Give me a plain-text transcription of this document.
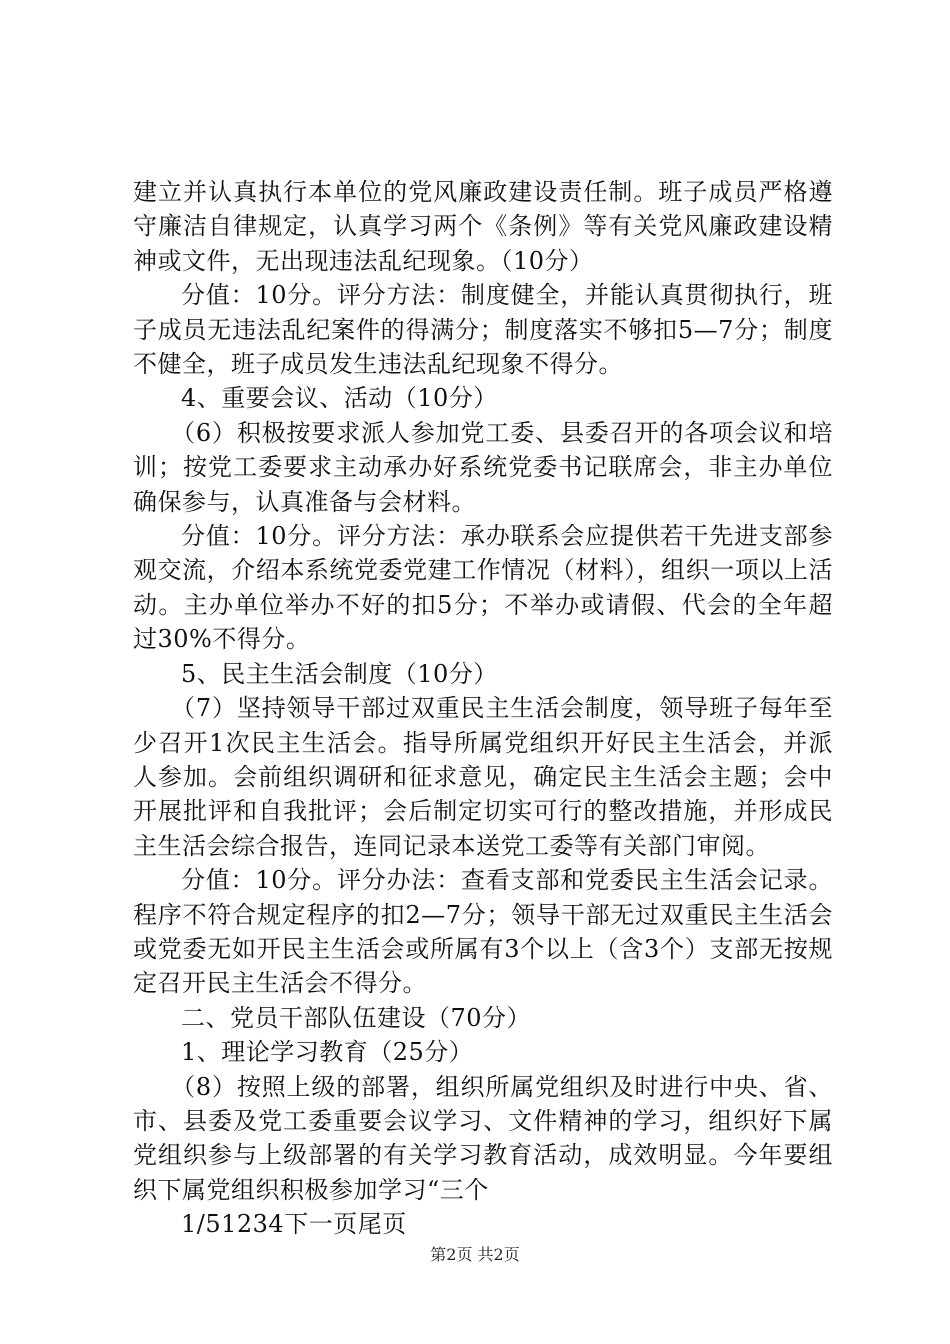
建立并认真执行本单位的党风廉政建设责任制。班子成员严格遵守廉洁自律规定，认真学习两个《条例》等有关党风廉政建设精神或文件，无出现违法乱纪现象。（10分）

分值：10分。评分方法：制度健全，并能认真贯彻执行，班子成员无违法乱纪案件的得满分；制度落实不够扣5—7分；制度不健全，班子成员发生违法乱纪现象不得分。

4、重要会议、活动（10分）

（6）积极按要求派人参加党工委、县委召开的各项会议和培训；按党工委要求主动承办好系统党委书记联席会，非主办单位确保参与，认真准备与会材料。

分值：10分。评分方法：承办联系会应提供若干先进支部参观交流，介绍本系统党委党建工作情况（材料），组织一项以上活动。主办单位举办不好的扣5分；不举办或请假、代会的全年超过30%不得分。

5、民主生活会制度（10分）

（7）坚持领导干部过双重民主生活会制度，领导班子每年至少召开1次民主生活会。指导所属党组织开好民主生活会，并派人参加。会前组织调研和征求意见，确定民主生活会主题；会中开展批评和自我批评；会后制定切实可行的整改措施，并形成民主生活会综合报告，连同记录本送党工委等有关部门审阅。

分值：10分。评分办法：查看支部和党委民主生活会记录。程序不符合规定程序的扣2—7分；领导干部无过双重民主生活会或党委无如开民主生活会或所属有3个以上（含3个）支部无按规定召开民主生活会不得分。

二、党员干部队伍建设（70分）

1、理论学习教育（25分）

（8）按照上级的部署，组织所属党组织及时进行中央、省、市、县委及党工委重要会议学习、文件精神的学习，组织好下属党组织参与上级部署的有关学习教育活动，成效明显。今年要组织下属党组织积极参加学习“三个

1/51234下一页尾页

第2页 共2页
